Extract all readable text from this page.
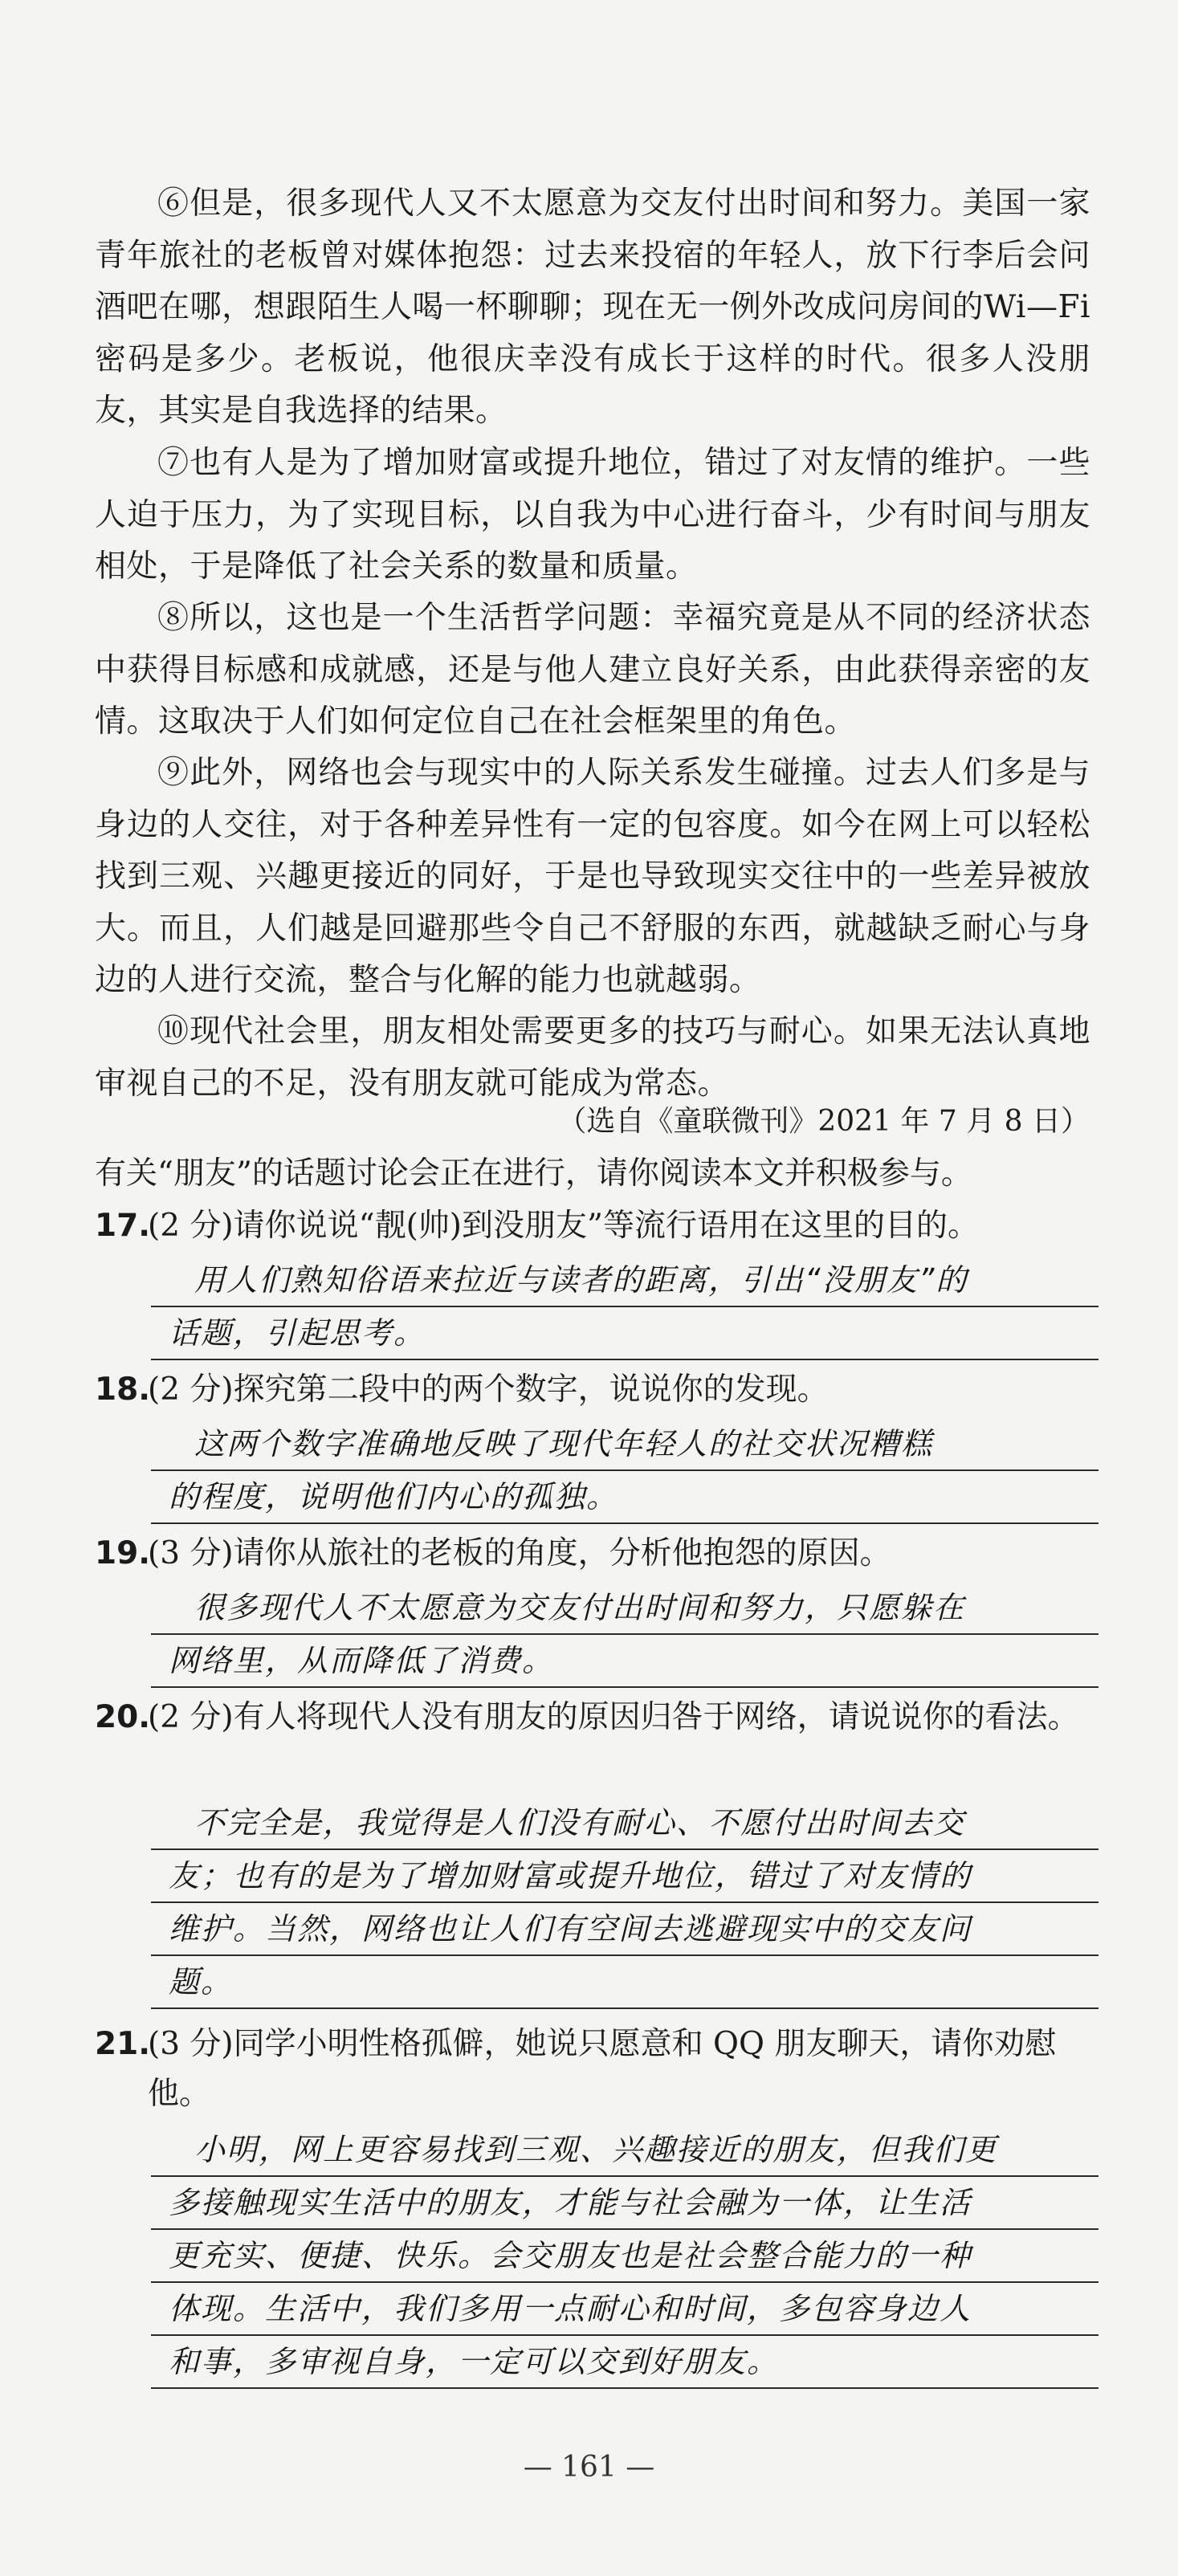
⑥但是，很多现代人又不太愿意为交友付出时间和努力。美国一家青年旅社的老板曾对媒体抱怨：过去来投宿的年轻人，放下行李后会问酒吧在哪，想跟陌生人喝一杯聊聊；现在无一例外改成问房间的Wi—Fi密码是多少。老板说，他很庆幸没有成长于这样的时代。很多人没朋友，其实是自我选择的结果。
⑦也有人是为了增加财富或提升地位，错过了对友情的维护。一些人迫于压力，为了实现目标，以自我为中心进行奋斗，少有时间与朋友相处，于是降低了社会关系的数量和质量。
⑧所以，这也是一个生活哲学问题：幸福究竟是从不同的经济状态中获得目标感和成就感，还是与他人建立良好关系，由此获得亲密的友情。这取决于人们如何定位自己在社会框架里的角色。
⑨此外，网络也会与现实中的人际关系发生碰撞。过去人们多是与身边的人交往，对于各种差异性有一定的包容度。如今在网上可以轻松找到三观、兴趣更接近的同好，于是也导致现实交往中的一些差异被放大。而且，人们越是回避那些令自己不舒服的东西，就越缺乏耐心与身边的人进行交流，整合与化解的能力也就越弱。
⑩现代社会里，朋友相处需要更多的技巧与耐心。如果无法认真地审视自己的不足，没有朋友就可能成为常态。
（选自《童联微刊》2021 年 7 月 8 日）
有关“朋友”的话题讨论会正在进行，请你阅读本文并积极参与。
17.
(2 分)请你说说“靓(帅)到没朋友”等流行语用在这里的目的。
用人们熟知俗语来拉近与读者的距离，引出“没朋友”的
话题，引起思考。
18.
(2 分)探究第二段中的两个数字，说说你的发现。
这两个数字准确地反映了现代年轻人的社交状况糟糕
的程度，说明他们内心的孤独。
19.
(3 分)请你从旅社的老板的角度，分析他抱怨的原因。
很多现代人不太愿意为交友付出时间和努力，只愿躲在
网络里，从而降低了消费。
20.
(2 分)有人将现代人没有朋友的原因归咎于网络，请说说你的看法。
不完全是，我觉得是人们没有耐心、不愿付出时间去交
友；也有的是为了增加财富或提升地位，错过了对友情的
维护。当然，网络也让人们有空间去逃避现实中的交友问
题。
21.
(3 分)同学小明性格孤僻，她说只愿意和 QQ 朋友聊天，请你劝慰他。
小明，网上更容易找到三观、兴趣接近的朋友，但我们更
多接触现实生活中的朋友，才能与社会融为一体，让生活
更充实、便捷、快乐。会交朋友也是社会整合能力的一种
体现。生活中，我们多用一点耐心和时间，多包容身边人
和事，多审视自身，一定可以交到好朋友。
— 161 —
